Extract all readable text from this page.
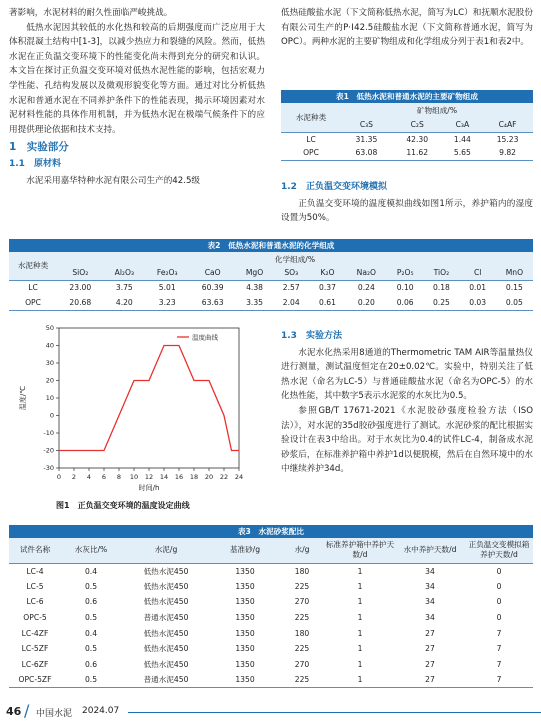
著影响，水泥材料的耐久性面临严峻挑战。

低热水泥因其较低的水化热和较高的后期强度而广泛应用于大体积混凝土结构中[1-3]，以减少热应力和裂缝的风险。然而，低热水泥在正负温交变环境下的性能变化尚未得到充分的研究和认识。本文旨在探讨正负温交变环境对低热水泥性能的影响，包括宏观力学性能、孔结构发展以及微观形貌变化等方面。通过对比分析低热水泥和普通水泥在不同养护条件下的性能表现，揭示环境因素对水泥材料性能的具体作用机制，并为低热水泥在极端气候条件下的应用提供理论依据和技术支持。

1　实验部分
1.1　原材料

水泥采用嘉华特种水泥有限公司生产的42.5级

低热硅酸盐水泥（下文简称低热水泥，简写为LC）和抚顺水泥股份有限公司生产的P·Ⅰ42.5硅酸盐水泥（下文简称普通水泥，简写为OPC）。两种水泥的主要矿物组成和化学组成分列于表1和表2中。

表1　低热水泥和普通水泥的主要矿物组成
水泥种类	矿物组成/%			
	C₃S	C₂S	C₃A	C₄AF
LC	31.35	42.30	1.44	15.23
OPC	63.08	11.62	5.65	9.82
1.2　正负温交变环境模拟

正负温交变环境的温度模拟曲线如图1所示，养护箱内的湿度设置为50%。

表2　低热水泥和普通水泥的化学组成
水泥种类	化学组成/%											
	SiO₂	Al₂O₃	Fe₂O₃	CaO	MgO	SO₃	K₂O	Na₂O	P₂O₅	TiO₂	Cl	MnO
LC	23.00	3.75	5.01	60.39	4.38	2.57	0.37	0.24	0.10	0.18	0.01	0.15
OPC	20.68	4.20	3.23	63.63	3.35	2.04	0.61	0.20	0.06	0.25	0.03	0.05
0 2 4 6 8 10 12 14 16 18 20 22 24
-30
-20
-10
0
10
20
30
40
50
时间/h
温度/℃
温度曲线
图1　正负温交变环境的温度设定曲线
1.3　实验方法

水泥水化热采用8通道的Thermometric TAM AIR等温量热仪进行测量，测试温度恒定在20±0.02℃。实验中，特别关注了低热水泥（命名为LC-5）与普通硅酸盐水泥（命名为OPC-5）的水化热性能，其中数字5表示水泥浆的水灰比为0.5。

参照GB/T 17671-2021《水泥胶砂强度检验方法（ISO法）》，对水泥的35d胶砂强度进行了测试。水泥砂浆的配比根据实验设计在表3中给出。对于水灰比为0.4的试件LC-4，制备成水泥砂浆后，在标准养护箱中养护1d以便脱模，然后在自然环境中的水中继续养护34d。

表3　水泥砂浆配比
试件名称	水灰比/%	水泥/g	基准砂/g	水/g	标准养护箱中养护天数/d	水中养护天数/d	正负温交变模拟箱养护天数/d
LC-4	0.4	低热水泥450	1350	180	1	34	0
LC-5	0.5	低热水泥450	1350	225	1	34	0
LC-6	0.6	低热水泥450	1350	270	1	34	0
OPC-5	0.5	普通水泥450	1350	225	1	34	0
LC-4ZF	0.4	低热水泥450	1350	180	1	27	7
LC-5ZF	0.5	低热水泥450	1350	225	1	27	7
LC-6ZF	0.6	低热水泥450	1350	270	1	27	7
OPC-5ZF	0.5	普通水泥450	1350	225	1	27	7
46 / 中国水泥 2024.07
